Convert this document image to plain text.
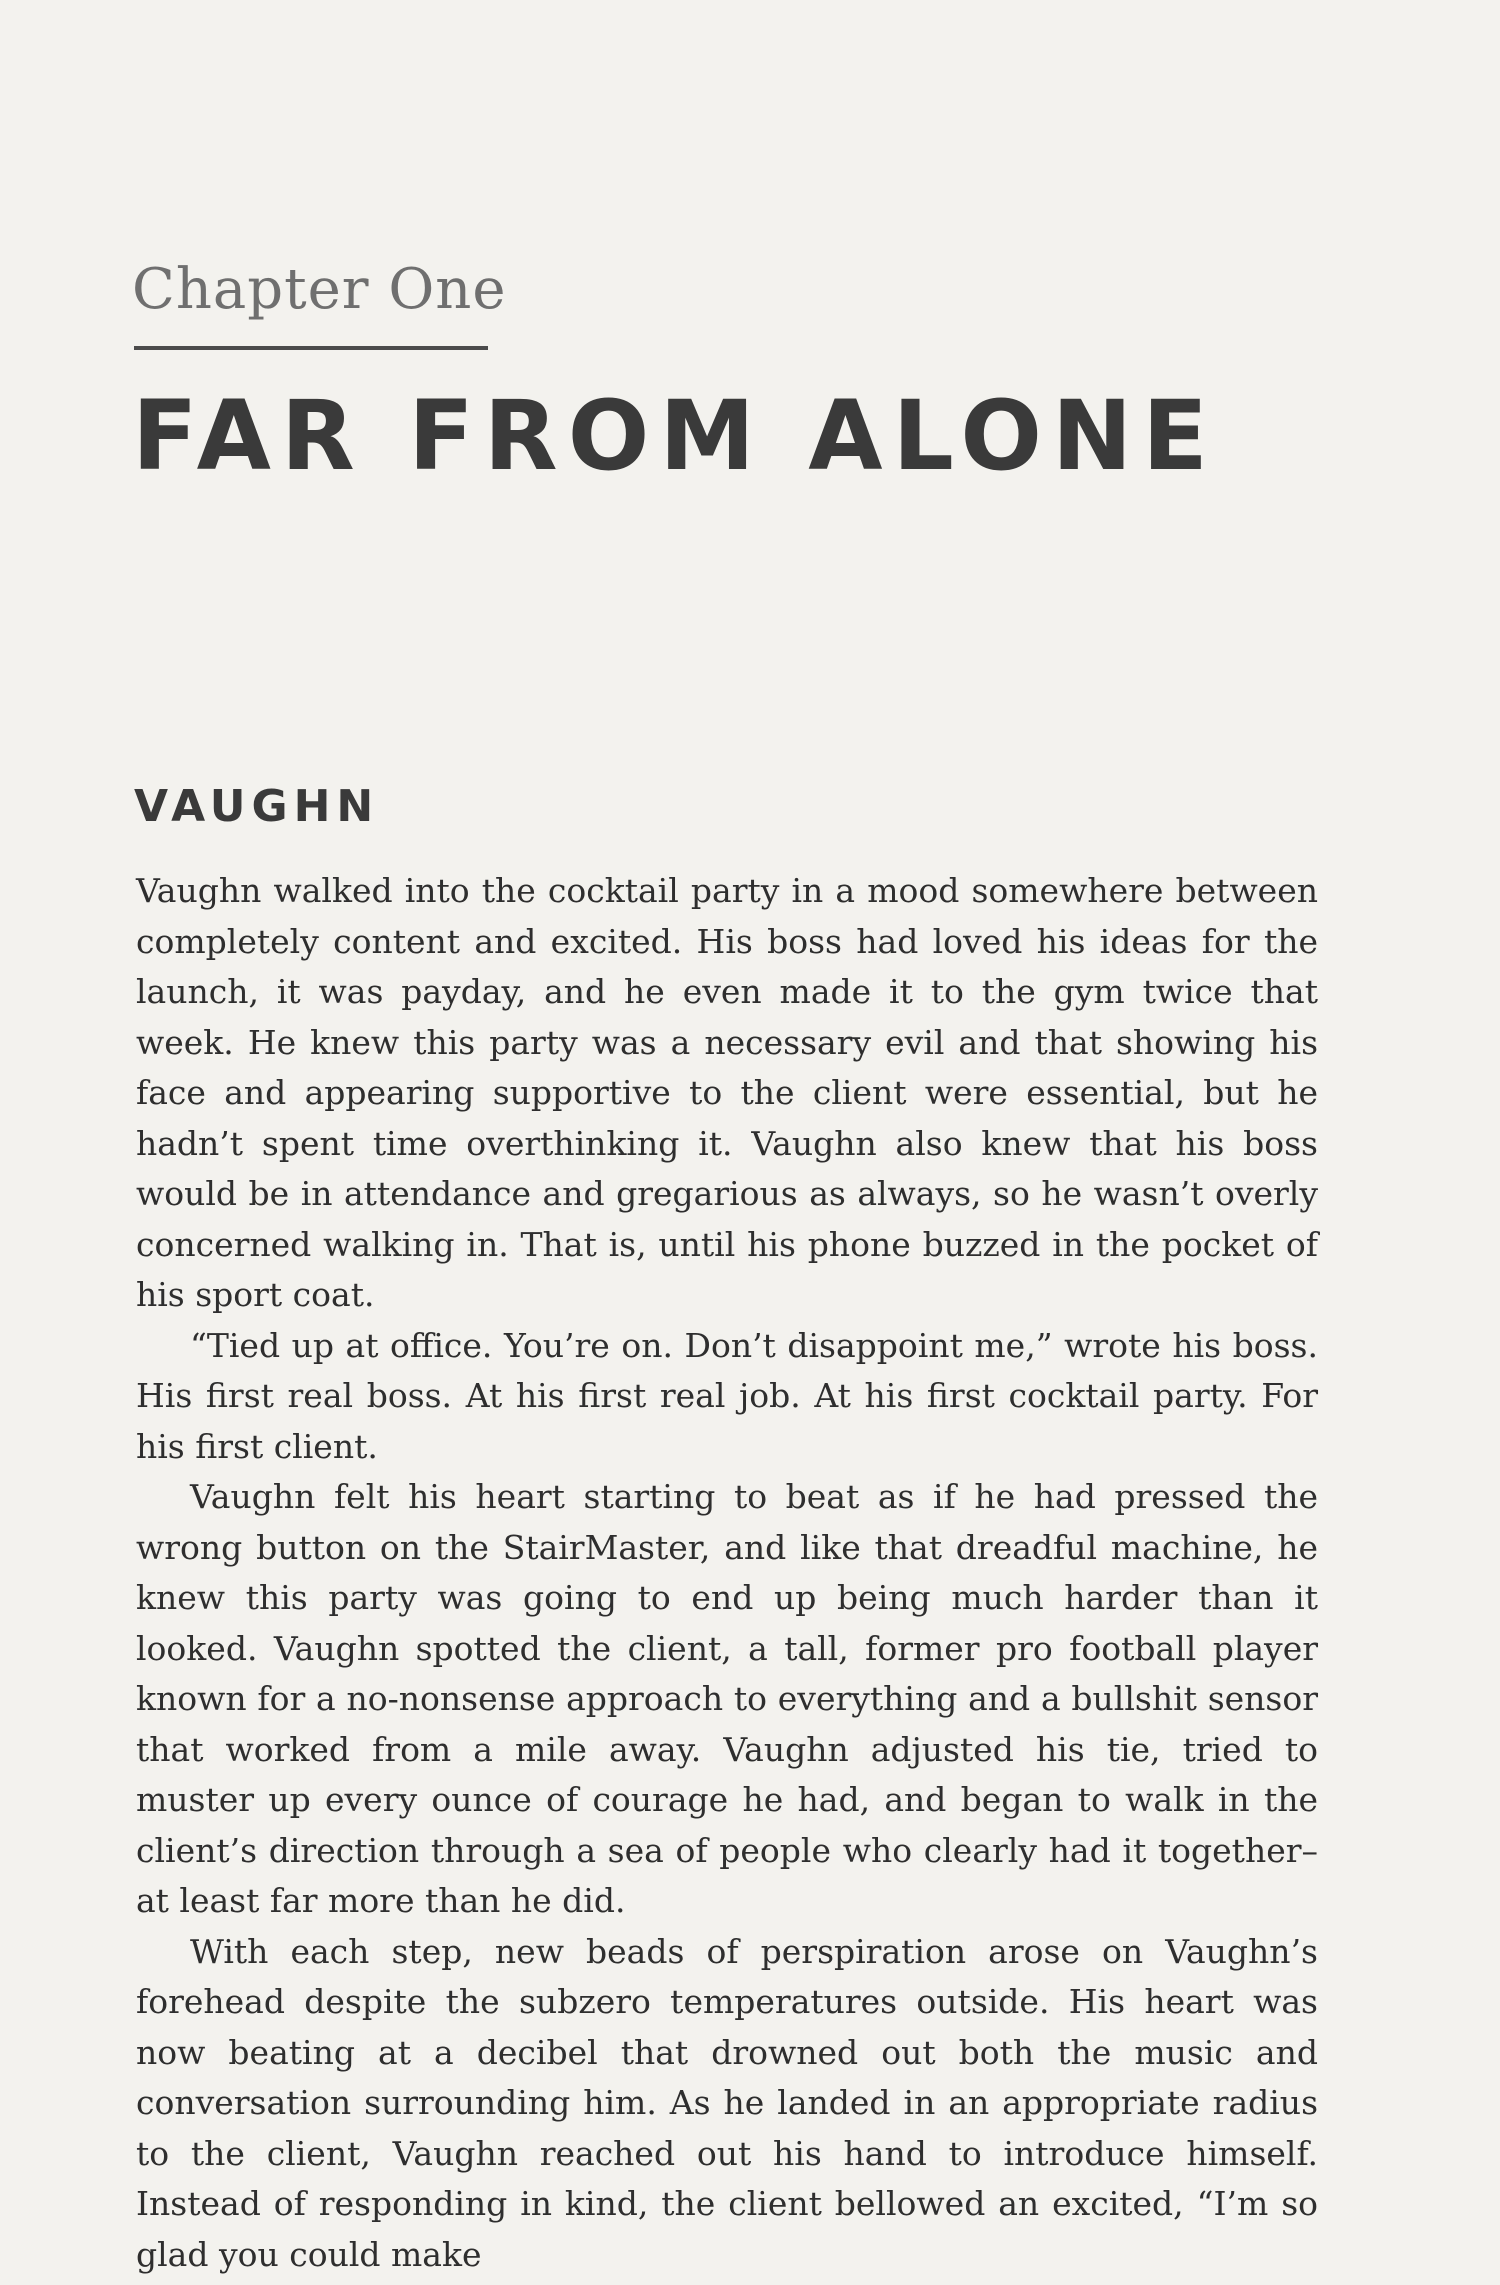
Chapter One
FAR FROM ALONE
VAUGHN

Vaughn walked into the cocktail party in a mood somewhere between completely content and excited. His boss had loved his ideas for the launch, it was payday, and he even made it to the gym twice that week. He knew this party was a necessary evil and that showing his face and appearing supportive to the client were essential, but he hadn’t spent time overthinking it. Vaughn also knew that his boss would be in attendance and gregarious as always, so he wasn’t overly concerned walking in. That is, until his phone buzzed in the pocket of his sport coat.

“Tied up at office. You’re on. Don’t disappoint me,” wrote his boss. His first real boss. At his first real job. At his first cocktail party. For his first client.

Vaughn felt his heart starting to beat as if he had pressed the wrong button on the StairMaster, and like that dreadful machine, he knew this party was going to end up being much harder than it looked. Vaughn spotted the client, a tall, former pro football player known for a no-nonsense approach to everything and a bullshit sensor that worked from a mile away. Vaughn adjusted his tie, tried to muster up every ounce of courage he had, and began to walk in the client’s direction through a sea of people who clearly had it together–at least far more than he did.

With each step, new beads of perspiration arose on Vaughn’s forehead despite the subzero temperatures outside. His heart was now beating at a decibel that drowned out both the music and conversation surrounding him. As he landed in an appropriate radius to the client, Vaughn reached out his hand to introduce himself. Instead of responding in kind, the client bellowed an excited, “I’m so glad you could make
